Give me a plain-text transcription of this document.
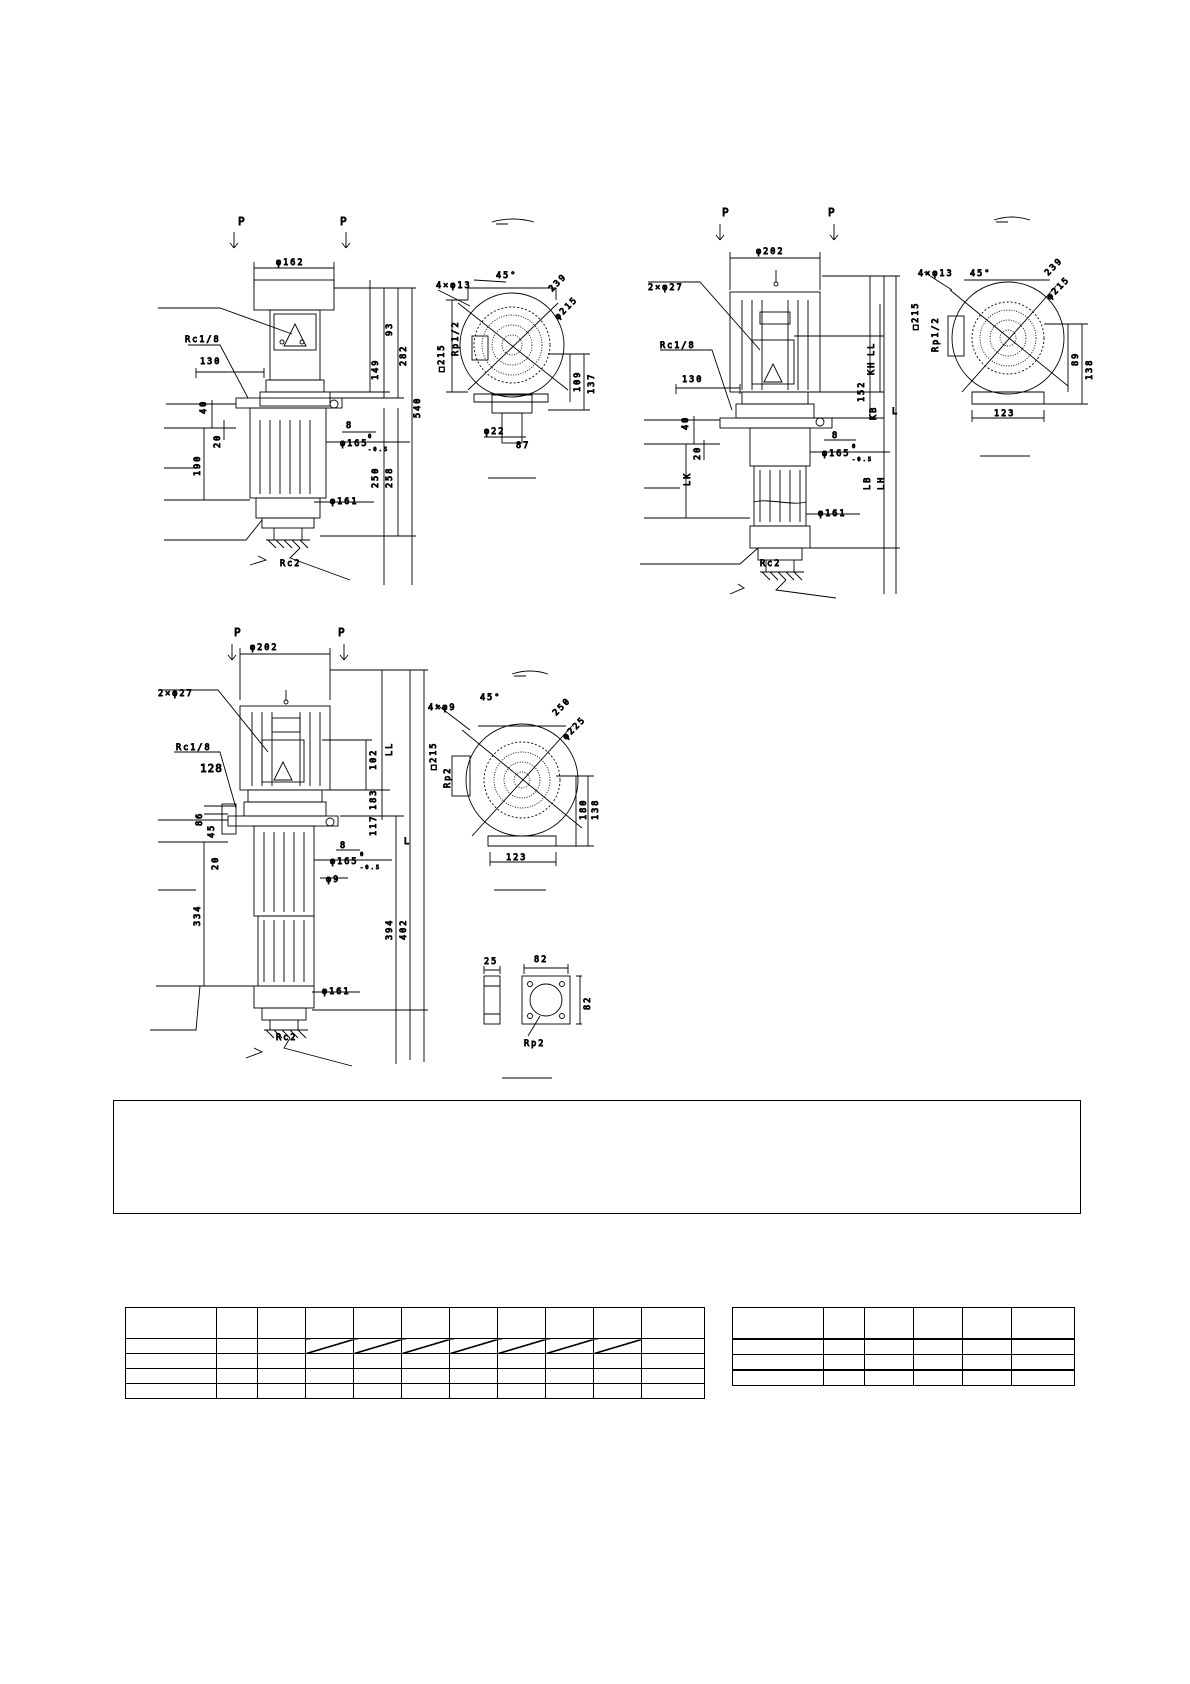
P	P
φ162
Rc1/8
130
40
20
190
93
149
282
540
250 258
8
φ165
0
-0.5
φ161
Rc2
4×φ13
45°	239
φ215
□215
Rp1/2
109 137
φ22
87
P	P
φ202
2×φ27
Rc1/8
130
40
20
LK
LL
KH
152
KB L
LB LH
8
φ165
0
-0.5
φ161
Rc2
4×φ13 45°	239
φ215
□215
Rp1/2
89 138
123
P	P
φ202
2×φ27
Rc1/8
128
86
45
20
334
102 LL
183
117
L
394 402
8
φ165
0
-0.5
φ9
φ161
Rc2
4×φ9
45°	250
φ225
□215
Rp2
180 138
123
25	82
82
Rp2
